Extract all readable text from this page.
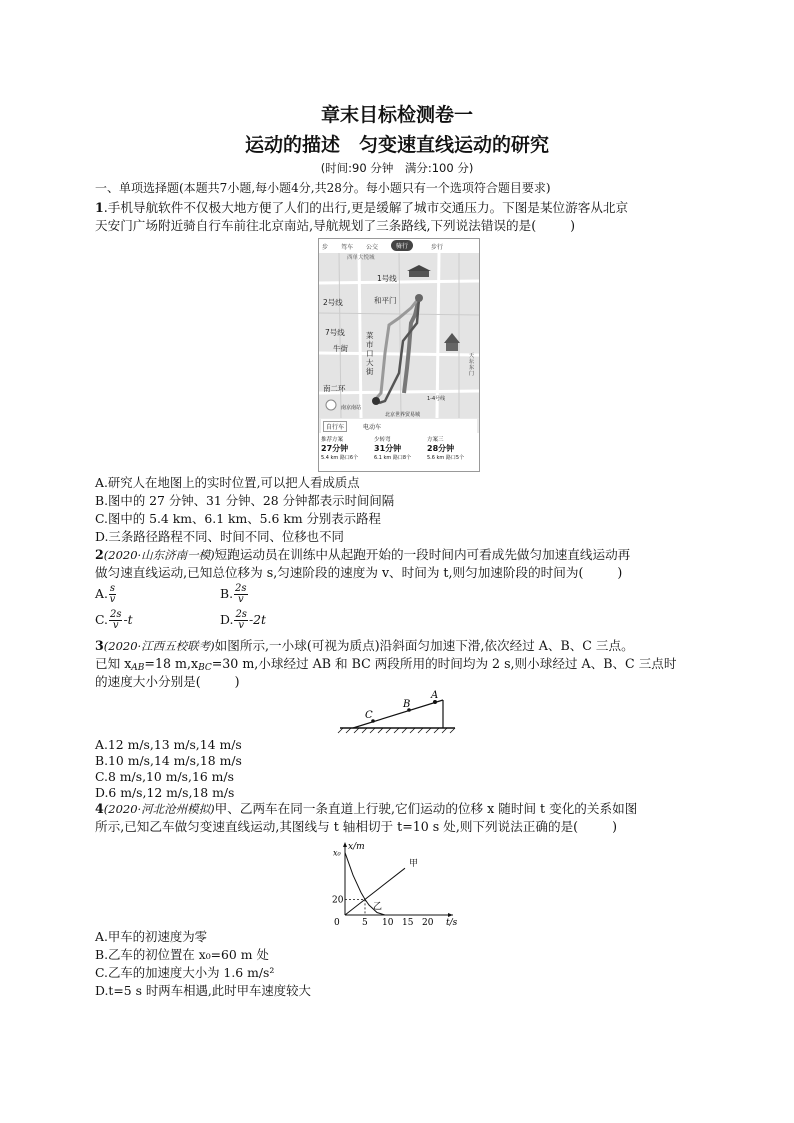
章末目标检测卷一
运动的描述　匀变速直线运动的研究
(时间:90 分钟　满分:100 分)
一、单项选择题(本题共7小题,每小题4分,共28分。每小题只有一个选项符合题目要求)
1.手机导航软件不仅极大地方便了人们的出行,更是缓解了城市交通压力。下图是某位游客从北京
天安门广场附近骑自行车前往北京南站,导航规划了三条路线,下列说法错误的是(	)
步 驾车 公交	骑行	步行
西单大悦城
1号线
2号线	和平门
7号线
牛街
菜市口大街
天坛东门
南二环
1-4号线
南京南站
北京世界贸易城
自行车	电动车
推荐方案
27分钟
5.4 km 路口6个
少转弯
31分钟
6.1 km 路口8个
方案三
28分钟
5.6 km 路口5个
A.研究人在地图上的实时位置,可以把人看成质点
B.图中的 27 分钟、31 分钟、28 分钟都表示时间间隔
C.图中的 5.4 km、6.1 km、5.6 km 分别表示路程
D.三条路径路程不同、时间不同、位移也不同
2(2020·山东济南一模)短跑运动员在训练中从起跑开始的一段时间内可看成先做匀加速直线运动再
做匀速直线运动,已知总位移为 s,匀速阶段的速度为 v、时间为 t,则匀加速阶段的时间为(	)
A. $\frac{s}{v}$	B. $\frac{2s}{v}$
C. $\frac{2s}{v} -t$	D. $\frac{2s}{v} -2t$
3(2020·江西五校联考)如图所示,一小球(可视为质点)沿斜面匀加速下滑,依次经过 A、B、C 三点。
已知 $x_{AB}=18$ $m,x_{BC}=30$ m,小球经过 AB 和 BC 两段所用的时间均为 2 s,则小球经过 A、B、C 三点时
的速度大小分别是(	)
C
B
A
A.12 m/s,13 m/s,14 m/s
B.10 m/s,14 m/s,18 m/s
C.8 m/s,10 m/s,16 m/s
D.6 m/s,12 m/s,18 m/s
4(2020·河北沧州模拟)甲、乙两车在同一条直道上行驶,它们运动的位移 x 随时间 t 变化的关系如图
所示,已知乙车做匀变速直线运动,其图线与 t 轴相切于 t=10 s 处,则下列说法正确的是(	)
x/m
t/s
0 5 10 15 20
x₀
20
甲
乙
A.甲车的初速度为零
B.乙车的初位置在 x₀=60 m 处
C.乙车的加速度大小为 1.6 m/s²
D.t=5 s 时两车相遇,此时甲车速度较大
